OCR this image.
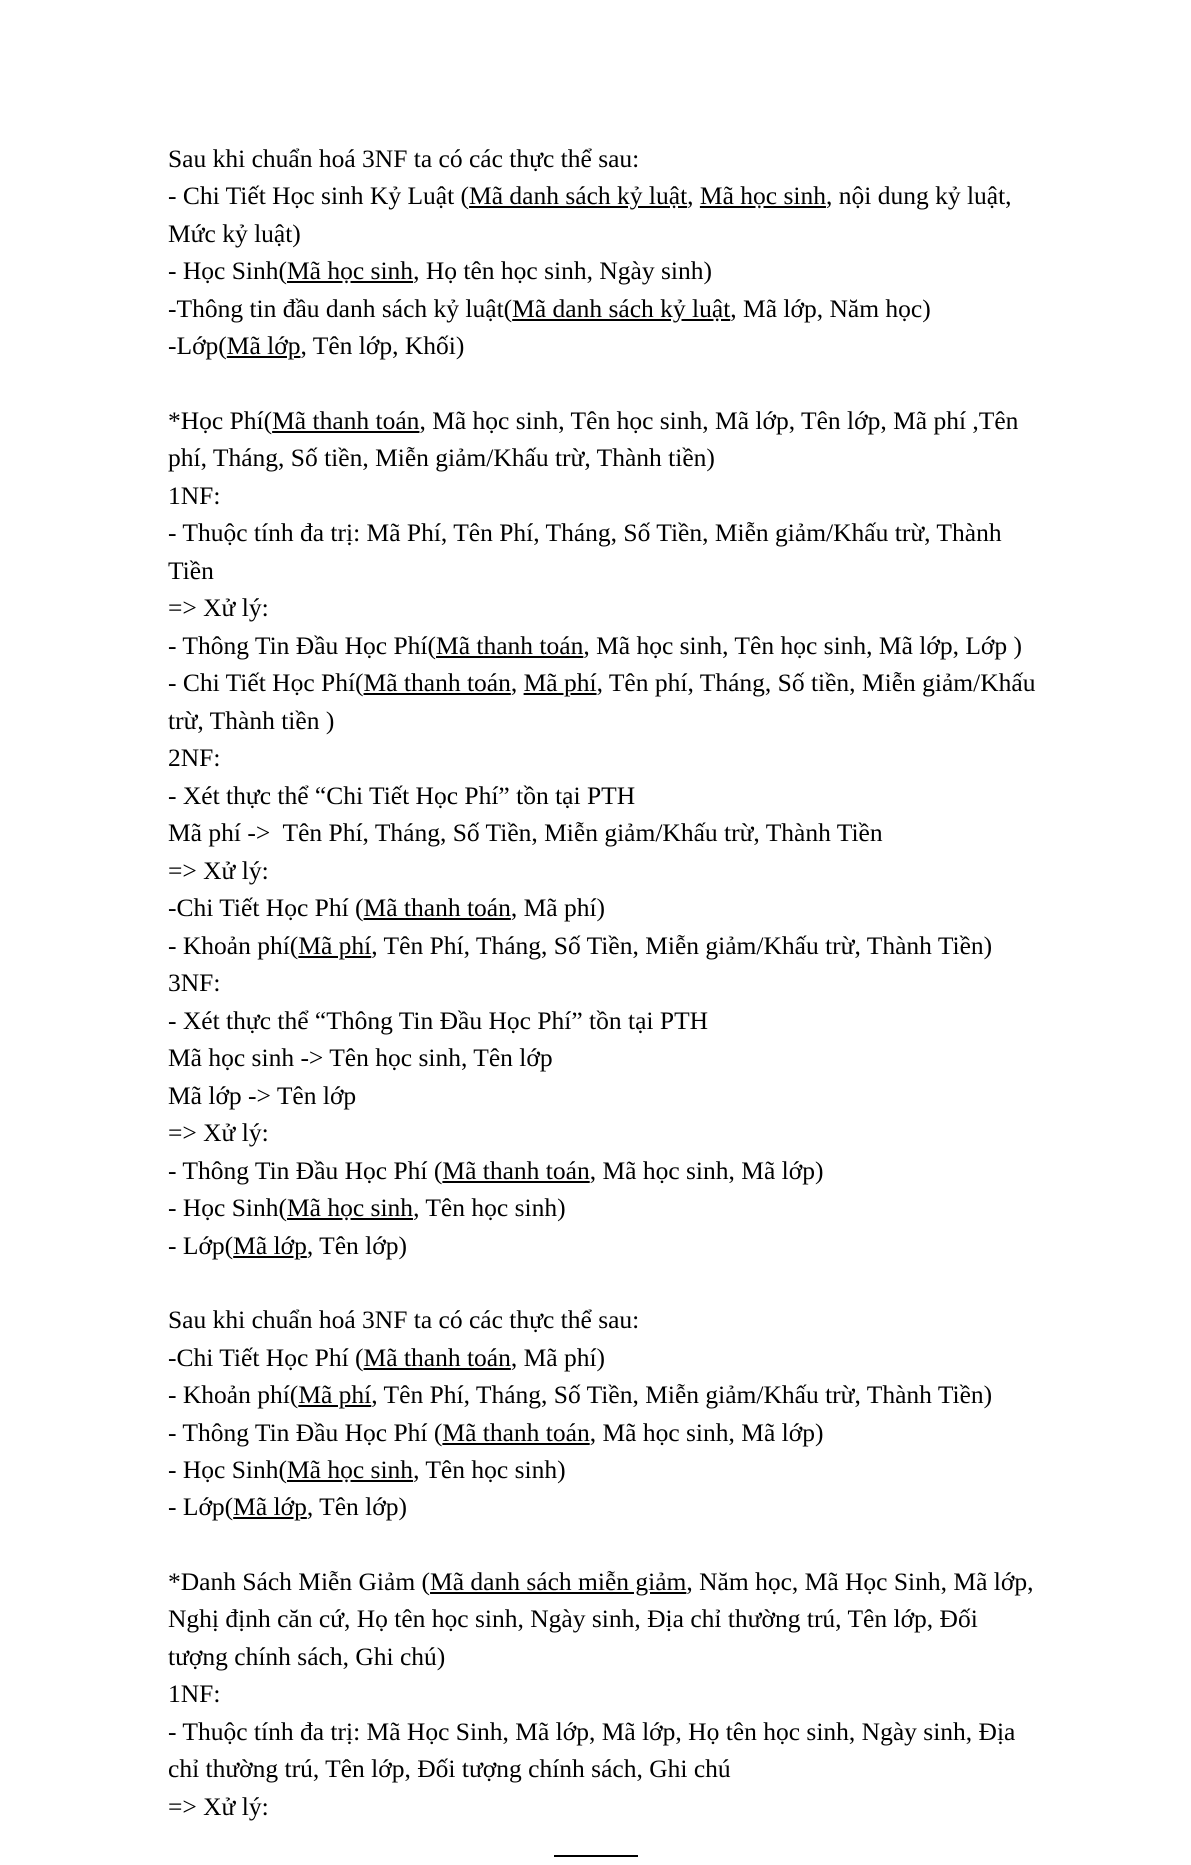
Sau khi chuẩn hoá 3NF ta có các thực thể sau:

- Chi Tiết Học sinh Kỷ Luật (Mã danh sách kỷ luật, Mã học sinh, nội dung kỷ luật, Mức kỷ luật)

- Học Sinh(Mã học sinh, Họ tên học sinh, Ngày sinh)

-Thông tin đầu danh sách kỷ luật(Mã danh sách kỷ luật, Mã lớp, Năm học)

-Lớp(Mã lớp, Tên lớp, Khối)

*Học Phí(Mã thanh toán, Mã học sinh, Tên học sinh, Mã lớp, Tên lớp, Mã phí ,Tên phí, Tháng, Số tiền, Miễn giảm/Khấu trừ, Thành tiền)

1NF:

- Thuộc tính đa trị: Mã Phí, Tên Phí, Tháng, Số Tiền, Miễn giảm/Khấu trừ, Thành Tiền

=> Xử lý:

- Thông Tin Đầu Học Phí(Mã thanh toán, Mã học sinh, Tên học sinh, Mã lớp, Lớp )

- Chi Tiết Học Phí(Mã thanh toán, Mã phí, Tên phí, Tháng, Số tiền, Miễn giảm/Khấu trừ, Thành tiền )

2NF:

- Xét thực thể “Chi Tiết Học Phí” tồn tại PTH

Mã phí ->  Tên Phí, Tháng, Số Tiền, Miễn giảm/Khấu trừ, Thành Tiền

=> Xử lý:

-Chi Tiết Học Phí (Mã thanh toán, Mã phí)

- Khoản phí(Mã phí, Tên Phí, Tháng, Số Tiền, Miễn giảm/Khấu trừ, Thành Tiền)

3NF:

- Xét thực thể “Thông Tin Đầu Học Phí” tồn tại PTH

Mã học sinh -> Tên học sinh, Tên lớp

Mã lớp -> Tên lớp

=> Xử lý:

- Thông Tin Đầu Học Phí (Mã thanh toán, Mã học sinh, Mã lớp)

- Học Sinh(Mã học sinh, Tên học sinh)

- Lớp(Mã lớp, Tên lớp)

Sau khi chuẩn hoá 3NF ta có các thực thể sau:

-Chi Tiết Học Phí (Mã thanh toán, Mã phí)

- Khoản phí(Mã phí, Tên Phí, Tháng, Số Tiền, Miễn giảm/Khấu trừ, Thành Tiền)

- Thông Tin Đầu Học Phí (Mã thanh toán, Mã học sinh, Mã lớp)

- Học Sinh(Mã học sinh, Tên học sinh)

- Lớp(Mã lớp, Tên lớp)

*Danh Sách Miễn Giảm (Mã danh sách miễn giảm, Năm học, Mã Học Sinh, Mã lớp, Nghị định căn cứ, Họ tên học sinh, Ngày sinh, Địa chỉ thường trú, Tên lớp, Đối tượng chính sách, Ghi chú)

1NF:

- Thuộc tính đa trị: Mã Học Sinh, Mã lớp, Mã lớp, Họ tên học sinh, Ngày sinh, Địa chỉ thường trú, Tên lớp, Đối tượng chính sách, Ghi chú

=> Xử lý:
